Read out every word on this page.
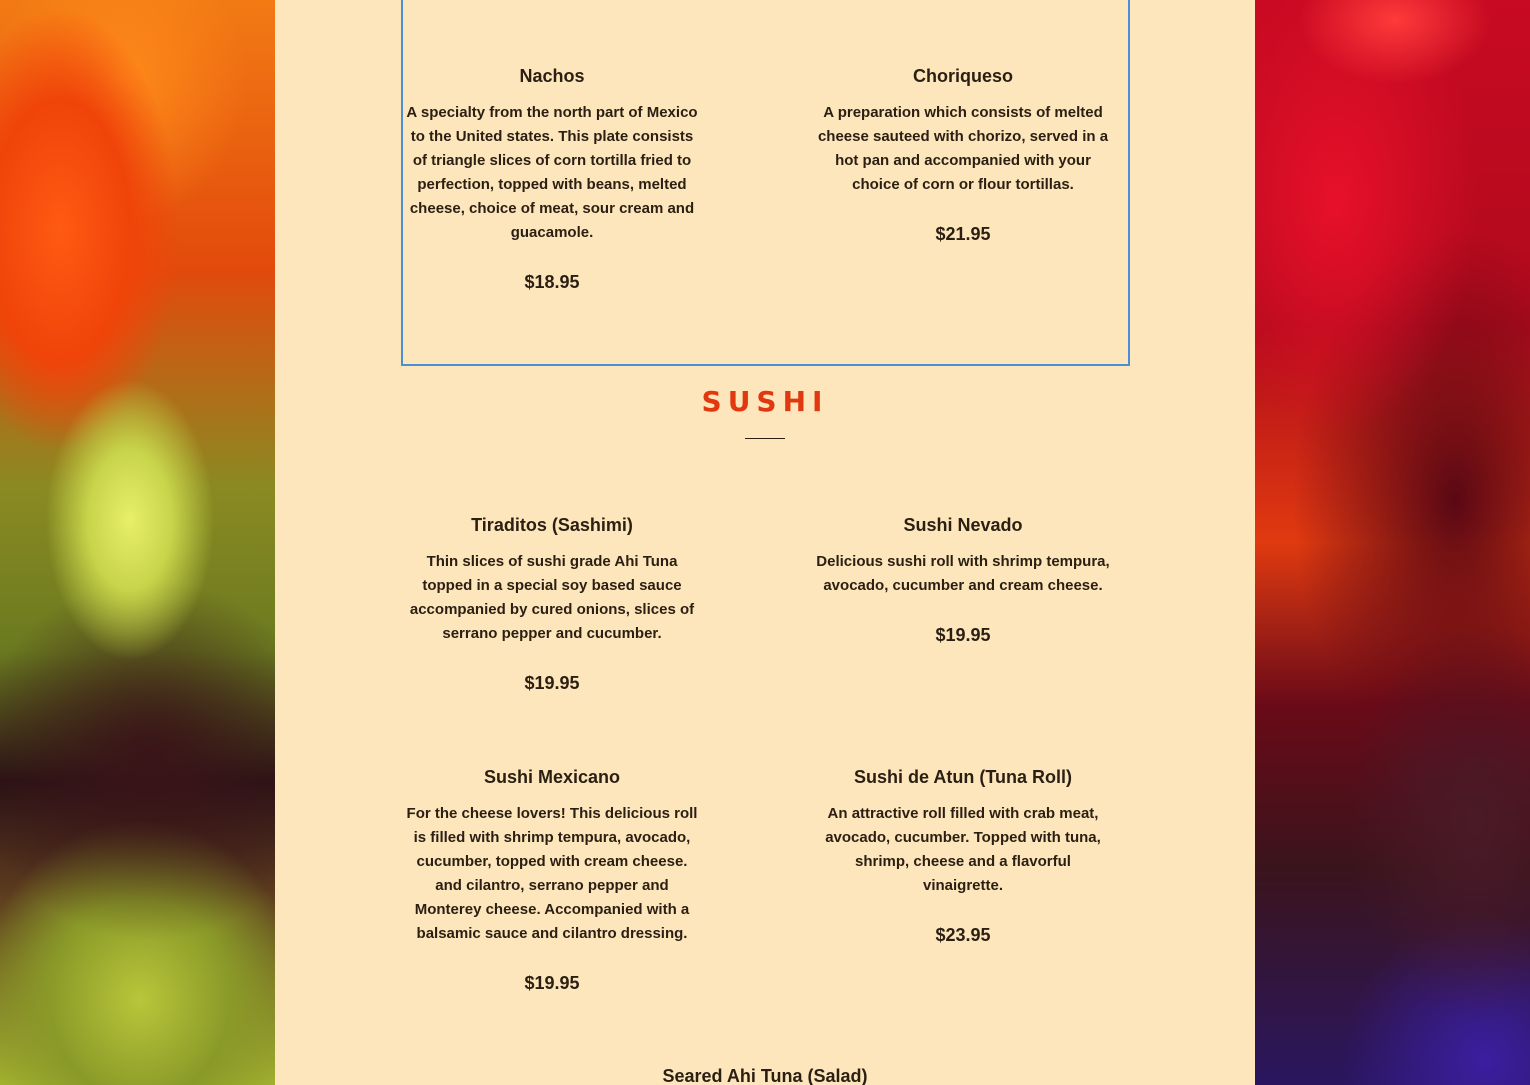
Nachos

A specialty from the north part of Mexico to the United states. This plate consists of triangle slices of corn tortilla fried to perfection, topped with beans, melted cheese, choice of meat, sour cream and guacamole.

$18.95

Choriqueso

A preparation which consists of melted cheese sauteed with chorizo, served in a hot pan and accompanied with your choice of corn or flour tortillas.

$21.95

SUSHI

Tiraditos (Sashimi)

Thin slices of sushi grade Ahi Tuna topped in a special soy based sauce accompanied by cured onions, slices of serrano pepper and cucumber.

$19.95

Sushi Nevado

Delicious sushi roll with shrimp tempura, avocado, cucumber and cream cheese.

$19.95

Sushi Mexicano

For the cheese lovers! This delicious roll is filled with shrimp tempura, avocado, cucumber, topped with cream cheese. and cilantro, serrano pepper and Monterey cheese. Accompanied with a balsamic sauce and cilantro dressing.

$19.95

Sushi de Atun (Tuna Roll)

An attractive roll filled with crab meat, avocado, cucumber. Topped with tuna, shrimp, cheese and a flavorful vinaigrette.

$23.95

Seared Ahi Tuna (Salad)
